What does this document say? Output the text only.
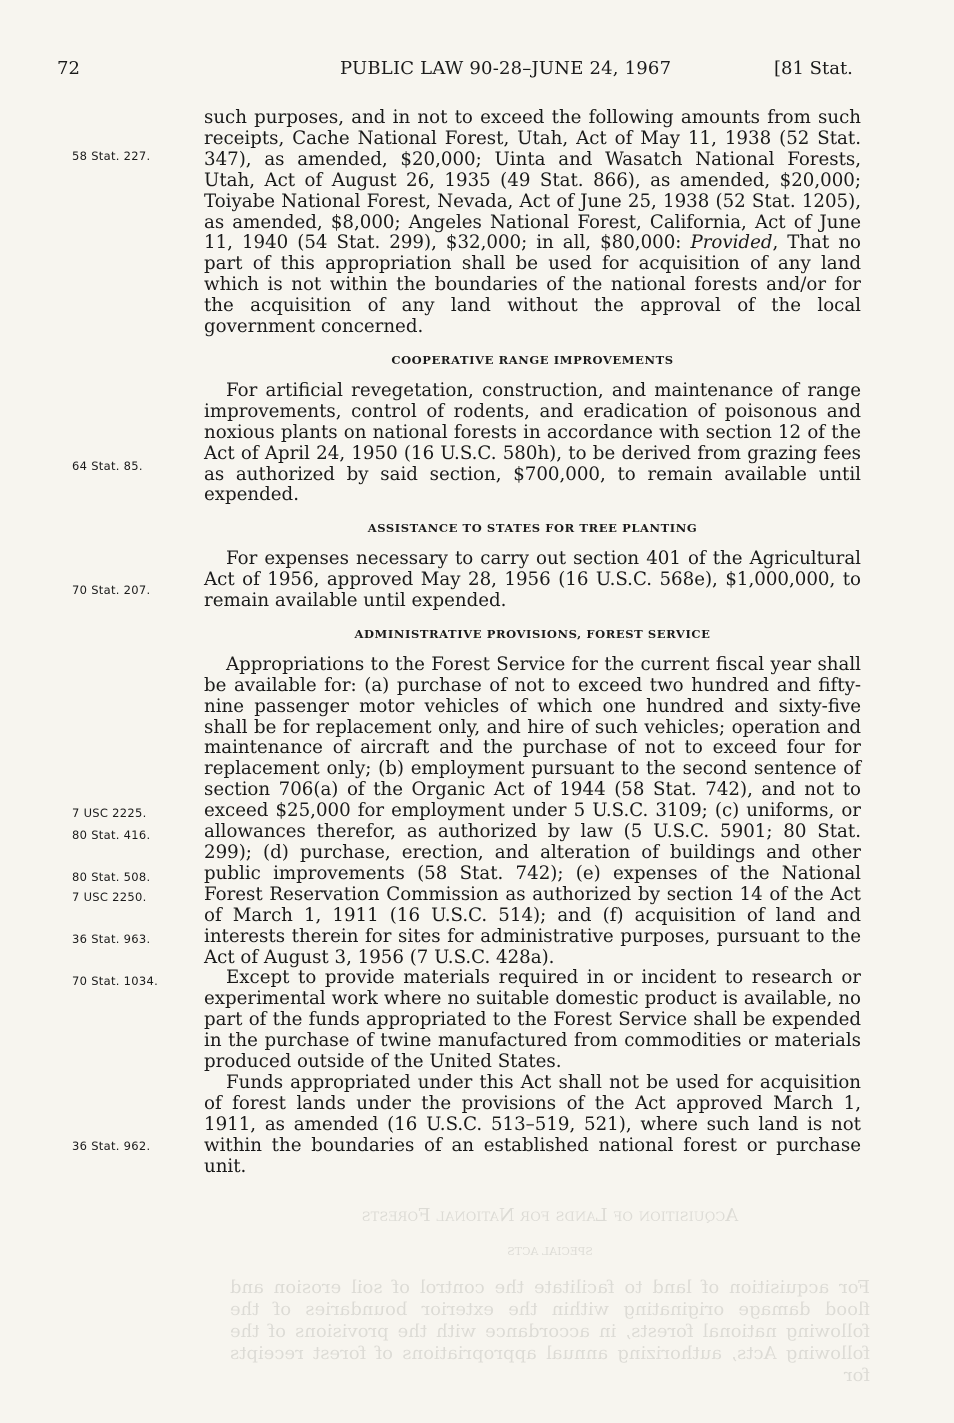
Acquisition of Lands for National Forests
SPECIAL ACTS
For acquisition of land to facilitate the control of soil erosion and flood damage originating within the exterior boundaries of the following national forests, in accordance with the provisions of the following Acts, authorizing annual appropriations of forest receipts for
72	PUBLIC LAW 90-28–JUNE 24, 1967	[81 Stat.

such purposes, and in not to exceed the following amounts from such receipts, Cache National Forest, Utah, Act of May 11, 1938 (52 Stat. 347), as amended, $20,000; Uinta and Wasatch National Forests, Utah, Act of August 26, 1935 (49 Stat. 866), as amended, $20,000; Toiyabe National Forest, Nevada, Act of June 25, 1938 (52 Stat. 1205), as amended, $8,000; Angeles National Forest, California, Act of June 11, 1940 (54 Stat. 299), $32,000; in all, $80,000: Provided, That no part of this appropriation shall be used for acquisition of any land which is not within the boundaries of the national forests and/or for the acquisition of any land without the approval of the local government concerned.

COOPERATIVE RANGE IMPROVEMENTS

For artificial revegetation, construction, and maintenance of range improvements, control of rodents, and eradication of poisonous and noxious plants on national forests in accordance with section 12 of the Act of April 24, 1950 (16 U.S.C. 580h), to be derived from grazing fees as authorized by said section, $700,000, to remain available until expended.

ASSISTANCE TO STATES FOR TREE PLANTING

For expenses necessary to carry out section 401 of the Agricultural Act of 1956, approved May 28, 1956 (16 U.S.C. 568e), $1,000,000, to remain available until expended.

ADMINISTRATIVE PROVISIONS, FOREST SERVICE

Appropriations to the Forest Service for the current fiscal year shall be available for: (a) purchase of not to exceed two hundred and fifty-nine passenger motor vehicles of which one hundred and sixty-five shall be for replacement only, and hire of such vehicles; operation and maintenance of aircraft and the purchase of not to exceed four for replacement only; (b) employment pursuant to the second sentence of section 706(a) of the Organic Act of 1944 (58 Stat. 742), and not to exceed $25,000 for employment under 5 U.S.C. 3109; (c) uniforms, or allowances therefor, as authorized by law (5 U.S.C. 5901; 80 Stat. 299); (d) purchase, erection, and alteration of buildings and other public improvements (58 Stat. 742); (e) expenses of the National Forest Reservation Commission as authorized by section 14 of the Act of March 1, 1911 (16 U.S.C. 514); and (f) acquisition of land and interests therein for sites for administrative purposes, pursuant to the Act of August 3, 1956 (7 U.S.C. 428a).

Except to provide materials required in or incident to research or experimental work where no suitable domestic product is available, no part of the funds appropriated to the Forest Service shall be expended in the purchase of twine manufactured from commodities or materials produced outside of the United States.

Funds appropriated under this Act shall not be used for acquisition of forest lands under the provisions of the Act approved March 1, 1911, as amended (16 U.S.C. 513–519, 521), where such land is not within the boundaries of an established national forest or purchase unit.

58 Stat. 227.
64 Stat. 85.
70 Stat. 207.
7 USC 2225.
80 Stat. 416.
80 Stat. 508.
7 USC 2250.
36 Stat. 963.
70 Stat. 1034.
36 Stat. 962.
